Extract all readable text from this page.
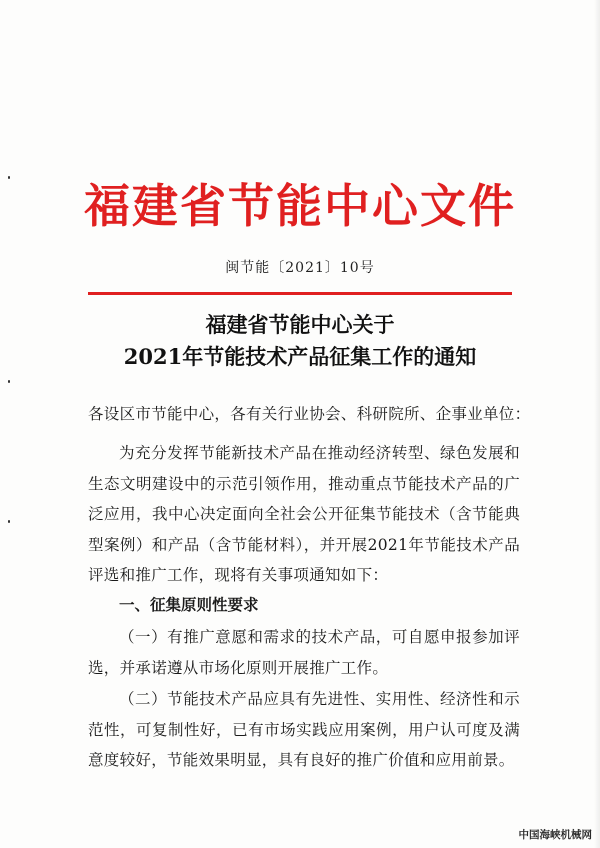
福建省节能中心文件
闽节能〔2021〕10号
福建省节能中心关于
2021年节能技术产品征集工作的通知
各设区市节能中心，各有关行业协会、科研院所、企事业单位：
为充分发挥节能新技术产品在推动经济转型、绿色发展和生态文明建设中的示范引领作用，推动重点节能技术产品的广泛应用，我中心决定面向全社会公开征集节能技术（含节能典型案例）和产品（含节能材料），并开展2021年节能技术产品评选和推广工作，现将有关事项通知如下：
一、征集原则性要求
（一）有推广意愿和需求的技术产品，可自愿申报参加评选，并承诺遵从市场化原则开展推广工作。
（二）节能技术产品应具有先进性、实用性、经济性和示范性，可复制性好，已有市场实践应用案例，用户认可度及满意度较好，节能效果明显，具有良好的推广价值和应用前景。
中国海峡机械网
